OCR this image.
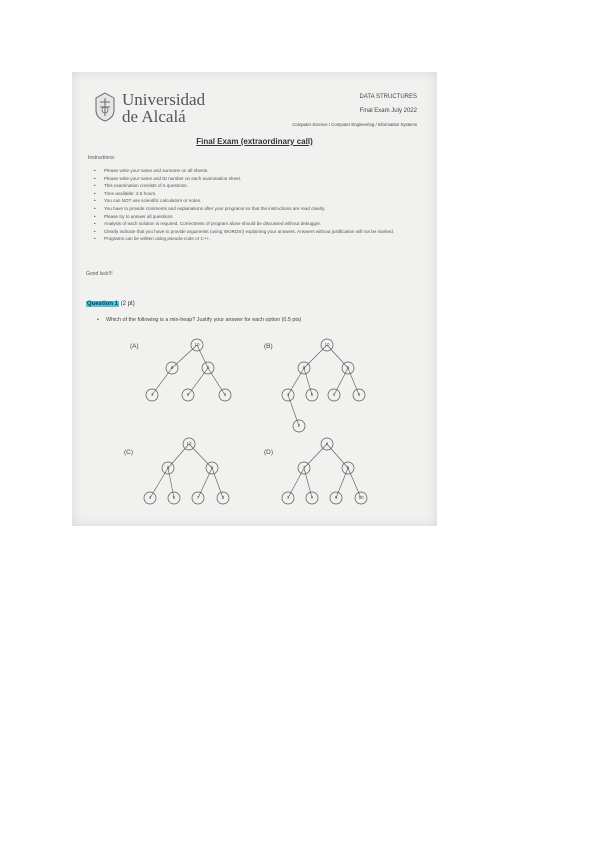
Universidad
de Alcalá
DATA STRUCTURES
Final Exam July 2022
Computer Science / Computer Engineering / Information Systems
Final Exam (extraordinary call)
Instructions:
• Please write your name and surname on all sheets.
• Please write your name and ID number on each examination sheet.
• This examination consists of 5 questions.
• Time available: 2.5 hours.
• You can NOT use scientific calculators or notes.
• You have to provide comments and explanations after your programs so that the instructions are read clearly.
• Please try to answer all questions.
• Analysis of each solution is required. Correctness of program alone should be discussed without debugger.
• Clearly indicate that you have to provide arguments (using WORDS!) explaining your answers. Answers without justification will not be marked.
• Programs can be written using pseudo-code or C++.
Good luck!!!
Question 1 (2 pt)
• Which of the following is a min-heap? Justify your answer for each option (0.5 pts)
(A)	(B)
(C)	(D)
10
8	9
4	5	3
10
6	9
4	5	2	3
2
10
8	9
4	5	7	3
6
7	8
1	4	5	10
